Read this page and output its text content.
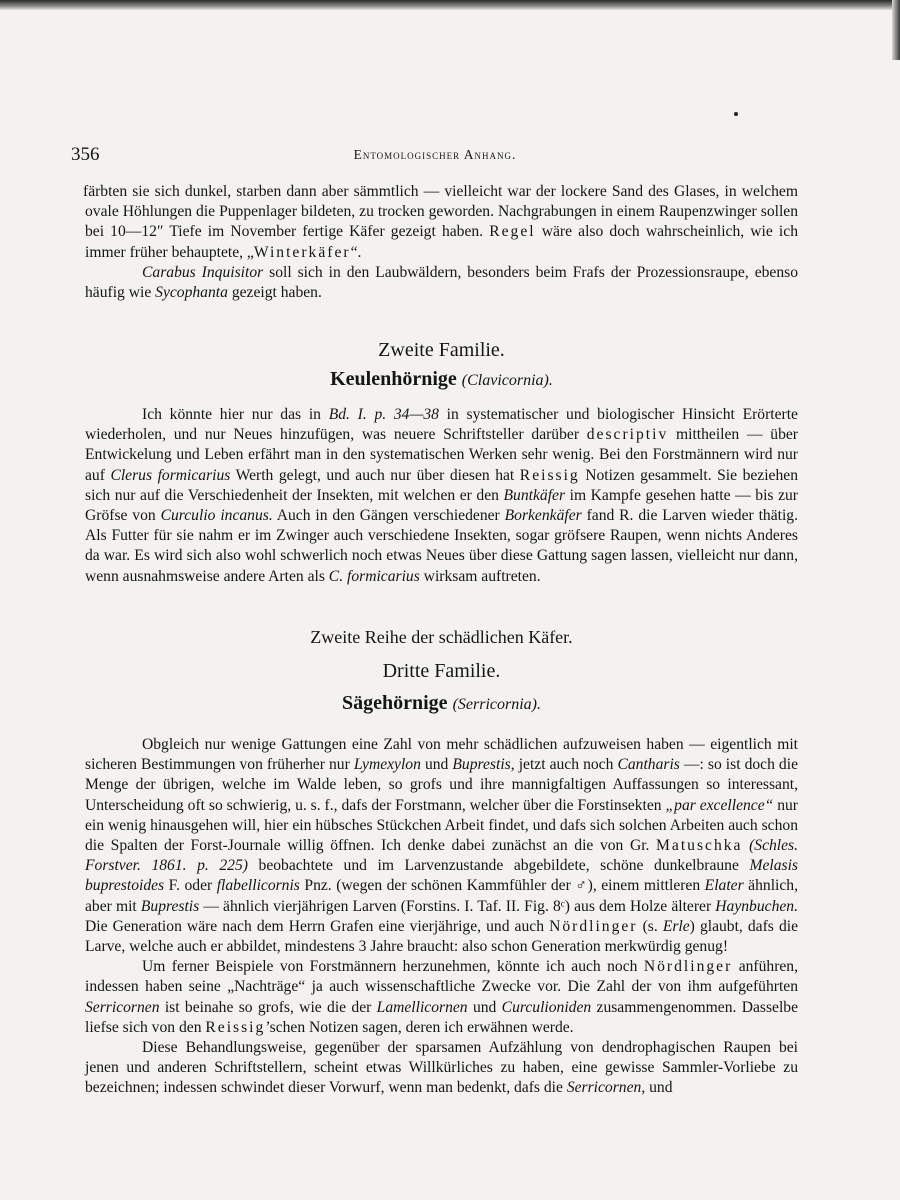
356	Entomologischer Anhang.

färbten sie sich dunkel, starben dann aber sämmtlich — vielleicht war der lockere Sand des Glases, in welchem ovale Höhlungen die Puppenlager bildeten, zu trocken geworden. Nachgrabungen in einem Raupenzwinger sollen bei 10—12″ Tiefe im November fertige Käfer gezeigt haben. Regel wäre also doch wahrscheinlich, wie ich immer früher behauptete, „Winterkäfer“.

Carabus Inquisitor soll sich in den Laubwäldern, besonders beim Frafs der Prozessionsraupe, ebenso häufig wie Sycophanta gezeigt haben.

Zweite Familie.
Keulenhörnige (Clavicornia).

Ich könnte hier nur das in Bd. I. p. 34—38 in systematischer und biologischer Hinsicht Erörterte wiederholen, und nur Neues hinzufügen, was neuere Schriftsteller darüber descriptiv mittheilen — über Entwickelung und Leben erfährt man in den systematischen Werken sehr wenig. Bei den Forstmännern wird nur auf Clerus formicarius Werth gelegt, und auch nur über diesen hat Reissig Notizen gesammelt. Sie beziehen sich nur auf die Verschiedenheit der Insekten, mit welchen er den Buntkäfer im Kampfe gesehen hatte — bis zur Gröfse von Curculio incanus. Auch in den Gängen verschiedener Borkenkäfer fand R. die Larven wieder thätig. Als Futter für sie nahm er im Zwinger auch verschiedene Insekten, sogar gröfsere Raupen, wenn nichts Anderes da war. Es wird sich also wohl schwerlich noch etwas Neues über diese Gattung sagen lassen, vielleicht nur dann, wenn ausnahmsweise andere Arten als C. formicarius wirksam auftreten.

Zweite Reihe der schädlichen Käfer.
Dritte Familie.
Sägehörnige (Serricornia).

Obgleich nur wenige Gattungen eine Zahl von mehr schädlichen aufzuweisen haben — eigentlich mit sicheren Bestimmungen von früherher nur Lymexylon und Buprestis, jetzt auch noch Cantharis —: so ist doch die Menge der übrigen, welche im Walde leben, so grofs und ihre mannigfaltigen Auffassungen so interessant, Unterscheidung oft so schwierig, u. s. f., dafs der Forstmann, welcher über die Forstinsekten „par excellence“ nur ein wenig hinausgehen will, hier ein hübsches Stückchen Arbeit findet, und dafs sich solchen Arbeiten auch schon die Spalten der Forst-Journale willig öffnen. Ich denke dabei zunächst an die von Gr. Matuschka (Schles. Forstver. 1861. p. 225) beobachtete und im Larvenzustande abgebildete, schöne dunkelbraune Melasis buprestoides F. oder flabellicornis Pnz. (wegen der schönen Kammfühler der ♂), einem mittleren Elater ähnlich, aber mit Buprestis — ähnlich vierjährigen Larven (Forstins. I. Taf. II. Fig. 8ᶜ) aus dem Holze älterer Haynbuchen. Die Generation wäre nach dem Herrn Grafen eine vierjährige, und auch Nördlinger (s. Erle) glaubt, dafs die Larve, welche auch er abbildet, mindestens 3 Jahre braucht: also schon Generation merkwürdig genug!

Um ferner Beispiele von Forstmännern herzunehmen, könnte ich auch noch Nördlinger anführen, indessen haben seine „Nachträge“ ja auch wissenschaftliche Zwecke vor. Die Zahl der von ihm aufgeführten Serricornen ist beinahe so grofs, wie die der Lamellicornen und Curculioniden zusammengenommen. Dasselbe liefse sich von den Reissig’schen Notizen sagen, deren ich erwähnen werde.

Diese Behandlungsweise, gegenüber der sparsamen Aufzählung von dendrophagischen Raupen bei jenen und anderen Schriftstellern, scheint etwas Willkürliches zu haben, eine gewisse Sammler-Vorliebe zu bezeichnen; indessen schwindet dieser Vorwurf, wenn man bedenkt, dafs die Serricornen, und
